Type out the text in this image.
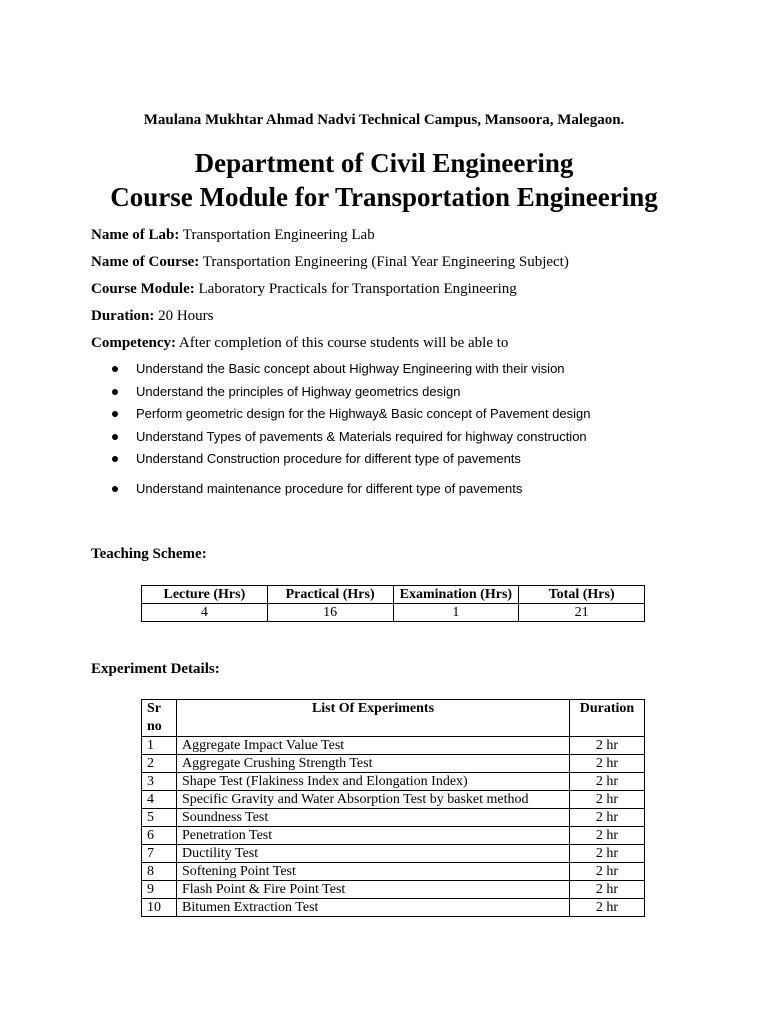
Maulana Mukhtar Ahmad Nadvi Technical Campus, Mansoora, Malegaon.
Department of Civil Engineering
Course Module for Transportation Engineering
Name of Lab: Transportation Engineering Lab
Name of Course: Transportation Engineering (Final Year Engineering Subject)
Course Module: Laboratory Practicals for Transportation Engineering
Duration: 20 Hours
Competency: After completion of this course students will be able to
Understand the Basic concept about Highway Engineering with their vision
Understand the principles of Highway geometrics design
Perform geometric design for the Highway& Basic concept of Pavement design
Understand Types of pavements & Materials required for highway construction
Understand Construction procedure for different type of pavements
Understand maintenance procedure for different type of pavements
Teaching Scheme:
Lecture (Hrs)	Practical (Hrs)	Examination (Hrs)	Total (Hrs)
4	16	1	21
Experiment Details:
Sr no	List Of Experiments	Duration
1	Aggregate Impact Value Test	2 hr
2	Aggregate Crushing Strength Test	2 hr
3	Shape Test (Flakiness Index and Elongation Index)	2 hr
4	Specific Gravity and Water Absorption Test by basket method	2 hr
5	Soundness Test	2 hr
6	Penetration Test	2 hr
7	Ductility Test	2 hr
8	Softening Point Test	2 hr
9	Flash Point & Fire Point Test	2 hr
10	Bitumen Extraction Test	2 hr
